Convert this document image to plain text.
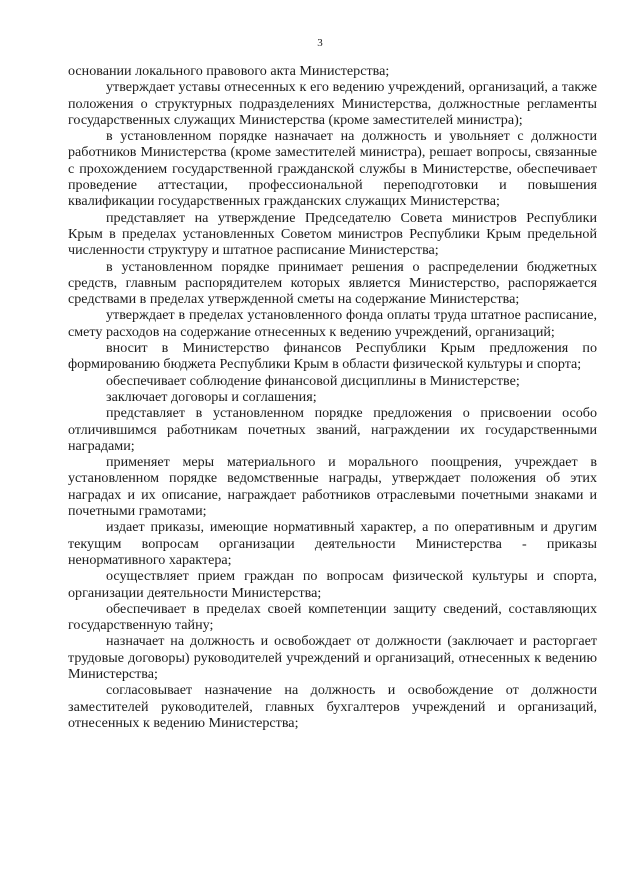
3

основании локального правового акта Министерства;

утверждает уставы отнесенных к его ведению учреждений, организаций, а также положения о структурных подразделениях Министерства, должностные регламенты государственных служащих Министерства (кроме заместителей министра);

в установленном порядке назначает на должность и увольняет с должности работников Министерства (кроме заместителей министра), решает вопросы, связанные с прохождением государственной гражданской службы в Министерстве, обеспечивает проведение аттестации, профессиональной переподготовки и повышения квалификации государственных гражданских служащих Министерства;

представляет на утверждение Председателю Совета министров Республики Крым в пределах установленных Советом министров Республики Крым предельной численности структуру и штатное расписание Министерства;

в установленном порядке принимает решения о распределении бюджетных средств, главным распорядителем которых является Министерство, распоряжается средствами в пределах утвержденной сметы на содержание Министерства;

утверждает в пределах установленного фонда оплаты труда штатное расписание, смету расходов на содержание отнесенных к ведению учреждений, организаций;

вносит в Министерство финансов Республики Крым предложения по формированию бюджета Республики Крым в области физической культуры и спорта;

обеспечивает соблюдение финансовой дисциплины в Министерстве;

заключает договоры и соглашения;

представляет в установленном порядке предложения о присвоении особо отличившимся работникам почетных званий, награждении их государственными наградами;

применяет меры материального и морального поощрения, учреждает в установленном порядке ведомственные награды, утверждает положения об этих наградах и их описание, награждает работников отраслевыми почетными знаками и почетными грамотами;

издает приказы, имеющие нормативный характер, а по оперативным и другим текущим вопросам организации деятельности Министерства - приказы ненормативного характера;

осуществляет прием граждан по вопросам физической культуры и спорта, организации деятельности Министерства;

обеспечивает в пределах своей компетенции защиту сведений, составляющих государственную тайну;

назначает на должность и освобождает от должности (заключает и расторгает трудовые договоры) руководителей учреждений и организаций, отнесенных к ведению Министерства;

согласовывает назначение на должность и освобождение от должности заместителей руководителей, главных бухгалтеров учреждений и организаций, отнесенных к ведению Министерства;
